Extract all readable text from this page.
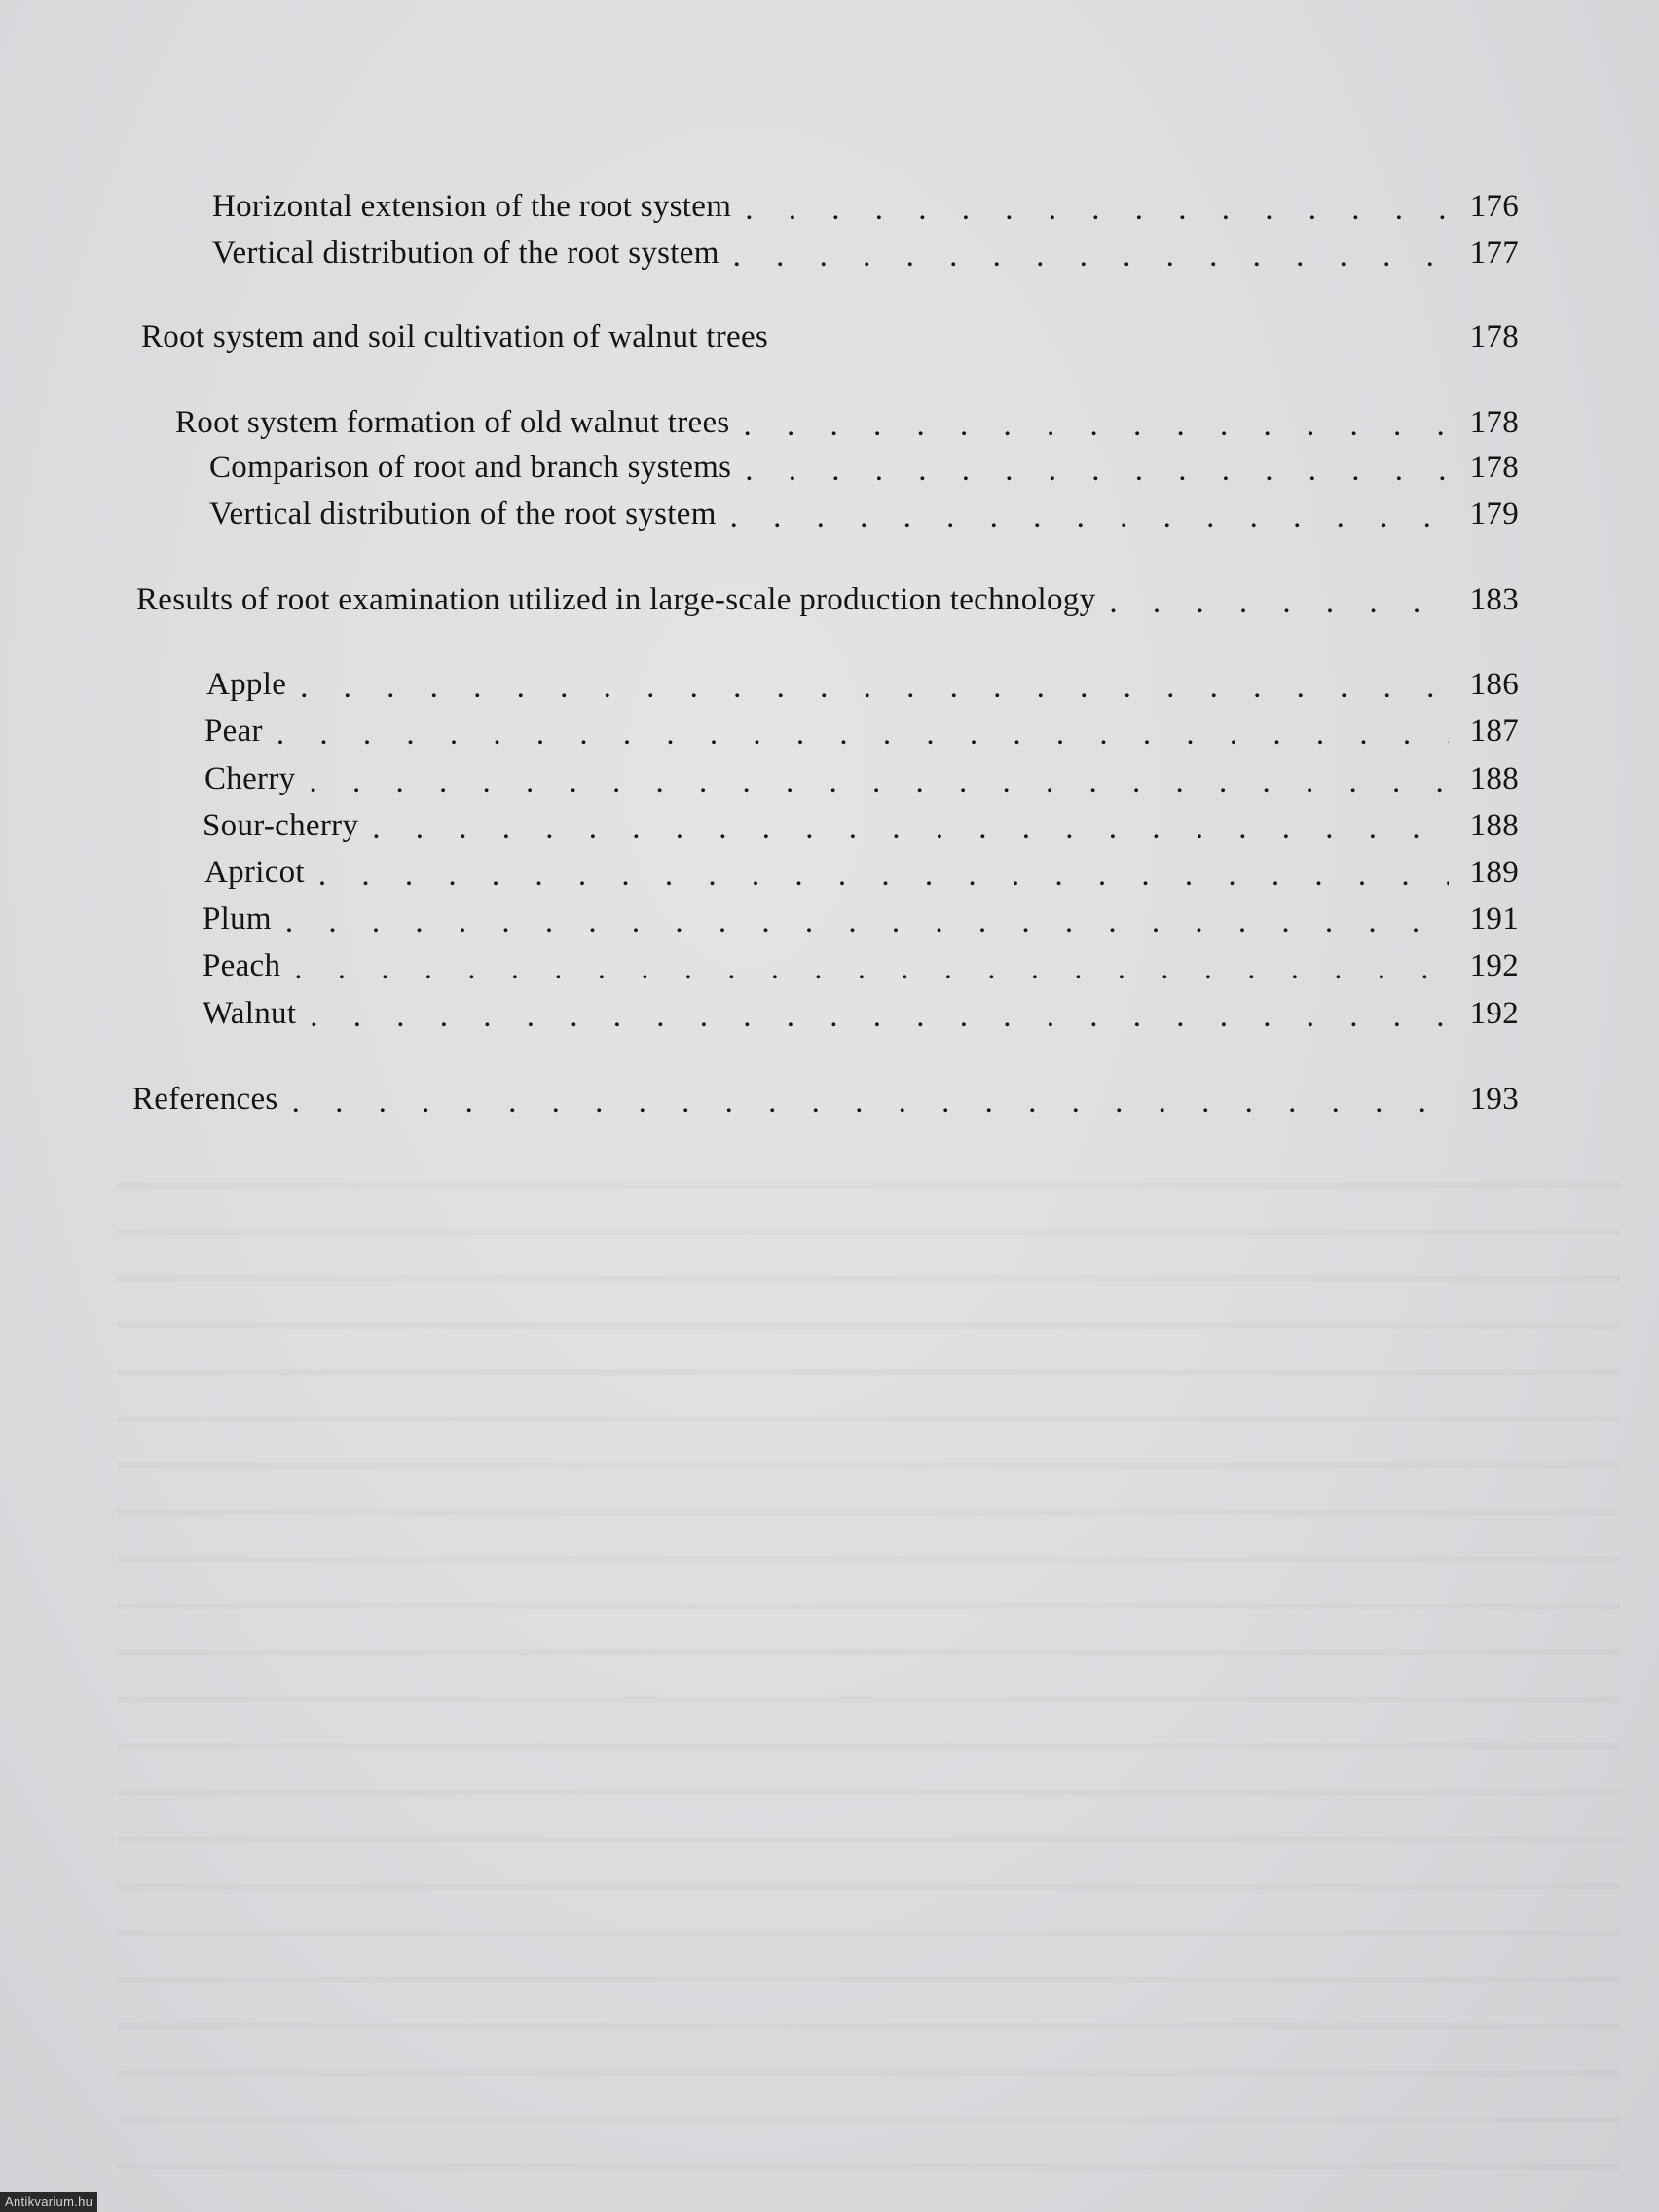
Horizontal extension of the root system . . .	176
Vertical distribution of the root system . . .	177
Root system and soil cultivation of walnut trees	178
Root system formation of old walnut trees . . .	178
Comparison of root and branch systems . . .	178
Vertical distribution of the root system . . .	179
Results of root examination utilized in large-scale production technology . . .	183
Apple . . .	186
Pear . . .	187
Cherry . . .	188
Sour-cherry . . .	188
Apricot . . .	189
Plum . . .	191
Peach . . .	192
Walnut . . .	192
References . . .	193
Antikvarium.hu
